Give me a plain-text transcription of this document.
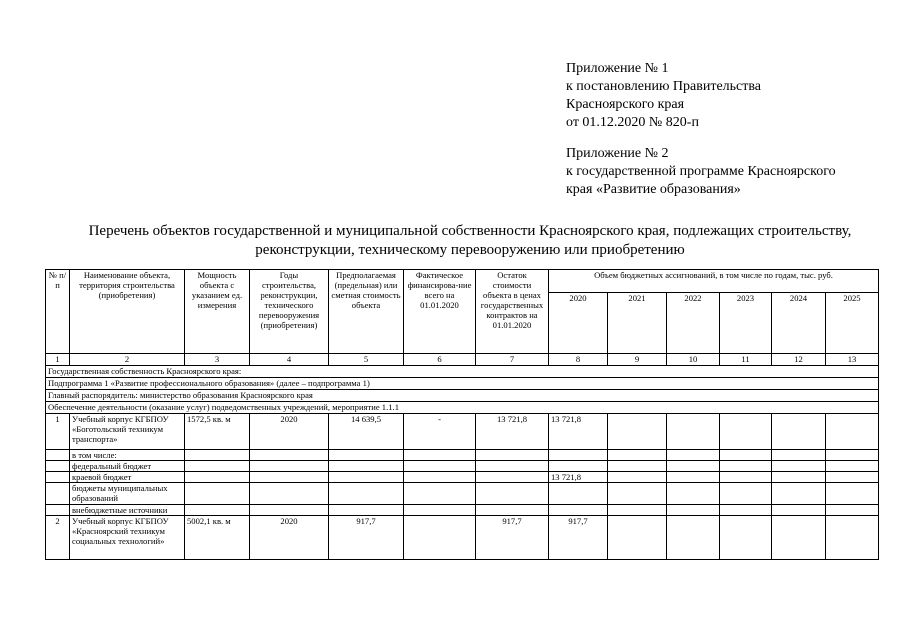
Приложение № 1
к постановлению Правительства
Красноярского края
от 01.12.2020 № 820-п
Приложение № 2
к государственной программе Красноярского
края «Развитие образования»
Перечень объектов государственной и муниципальной собственности Красноярского края, подлежащих строительству,
реконструкции, техническому перевооружению или приобретению
№ п/п	Наименование объекта, территория строительства (приобретения)	Мощность объекта с указанием ед. измерения	Годы строительства, реконструкции, технического перевооружения (приобретения)	Предполагаемая (предельная) или сметная стоимость объекта	Фактическое финансирова-ние всего на 01.01.2020	Остаток стоимости объекта в ценах государственных контрактов на 01.01.2020	Объем бюджетных ассигнований, в том числе по годам, тыс. руб.					
							2020	2021	2022	2023	2024	2025
1	2	3	4	5	6	7	8	9	10	11	12	13
Государственная собственность Красноярского края:												
Подпрограмма 1 «Развитие профессионального образования» (далее – подпрограмма 1)												
Главный распорядитель: министерство образования Красноярского края												
Обеспечение деятельности (оказание услуг) подведомственных учреждений, мероприятие 1.1.1												
1	Учебный корпус КГБПОУ «Боготольский техникум транспорта»	1572,5 кв. м	2020	14 639,5	-	13 721,8	13 721,8					
	в том числе:											
	федеральный бюджет											
	краевой бюджет						13 721,8					
	бюджеты муниципальных образований											
	внебюджетные источники											
2	Учебный корпус КГБПОУ «Красноярский техникум социальных технологий»	5002,1 кв. м	2020	917,7		917,7	917,7					
